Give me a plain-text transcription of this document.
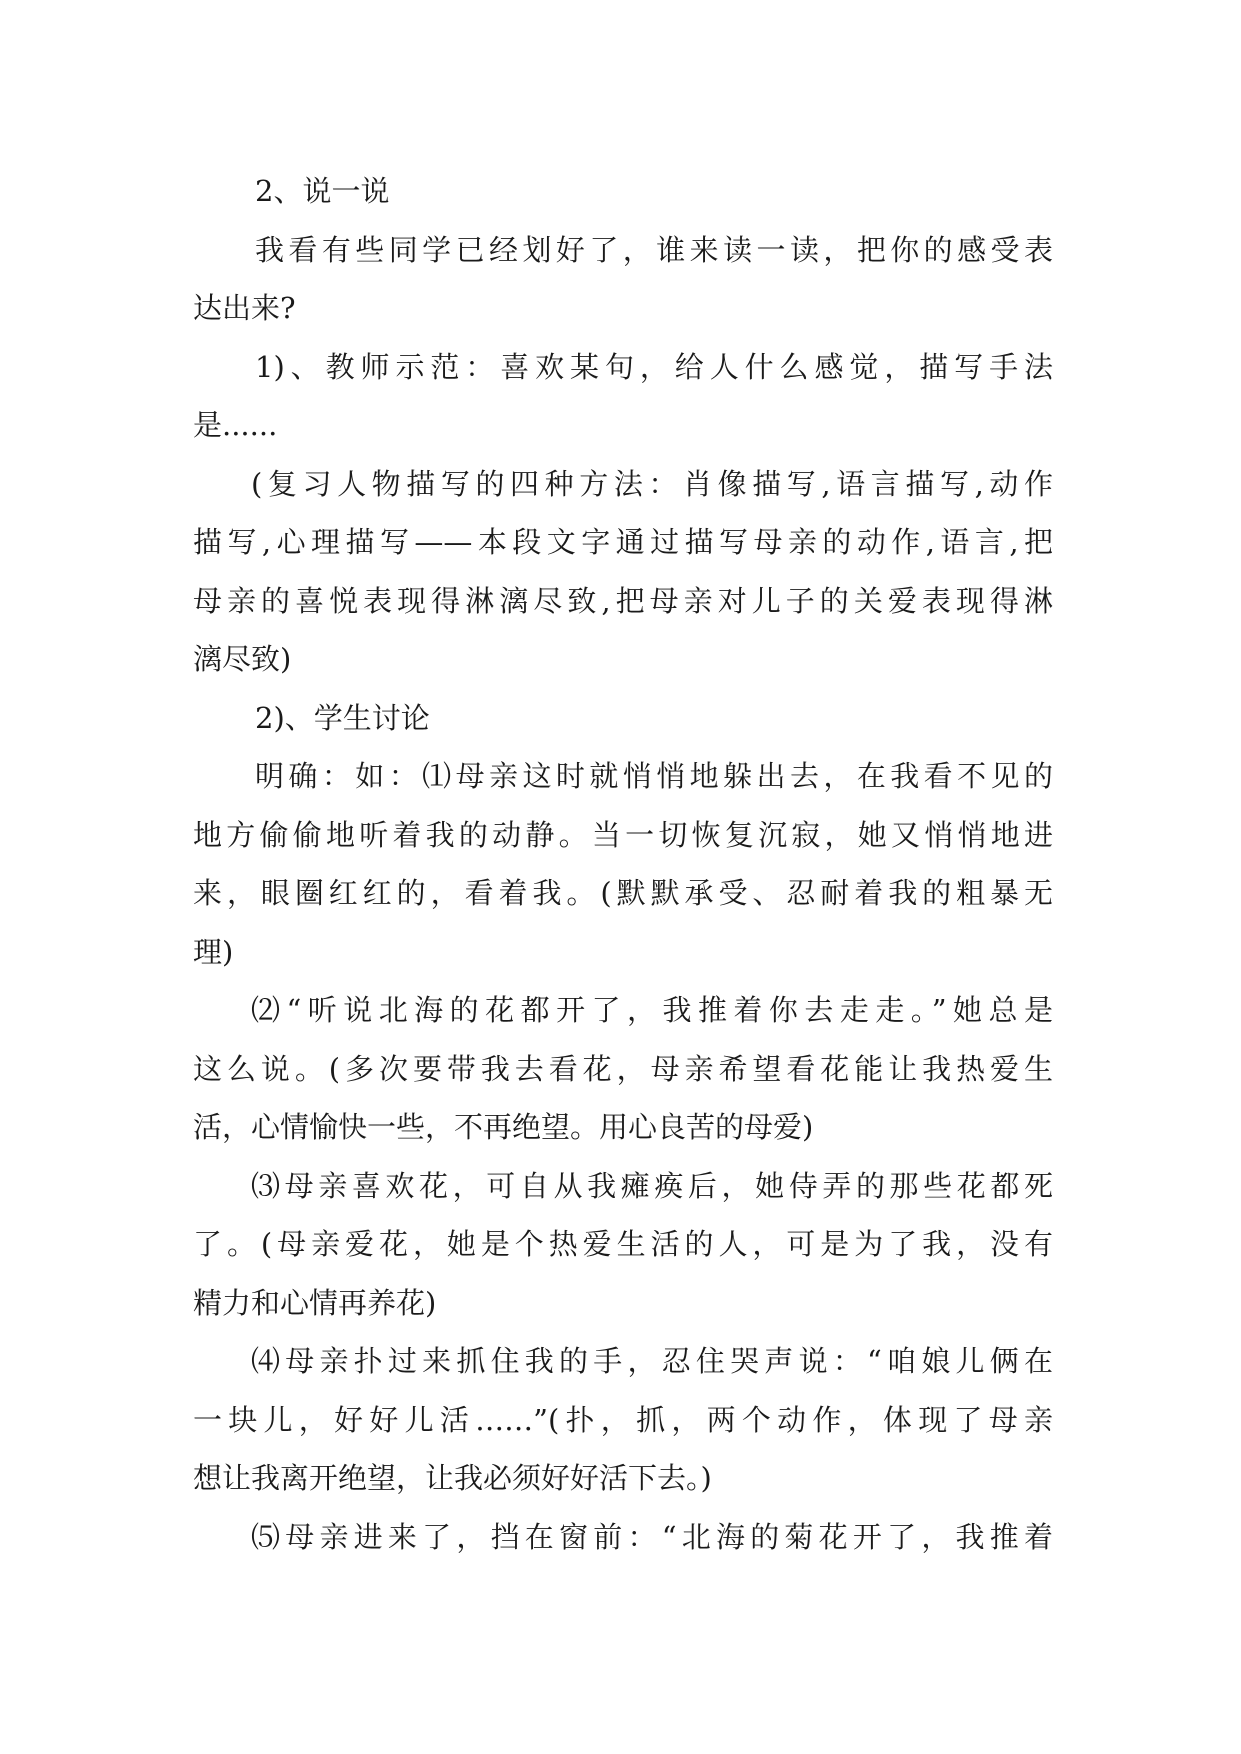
2、说一说
我看有些同学已经划好了，谁来读一读，把你的感受表
达出来?
1)、教师示范：喜欢某句，给人什么感觉，描写手法
是......
(复习人物描写的四种方法：肖像描写,语言描写,动作
描写,心理描写——本段文字通过描写母亲的动作,语言,把
母亲的喜悦表现得淋漓尽致,把母亲对儿子的关爱表现得淋
漓尽致)
2)、学生讨论
明确：如：⑴母亲这时就悄悄地躲出去，在我看不见的
地方偷偷地听着我的动静。当一切恢复沉寂，她又悄悄地进
来，眼圈红红的，看着我。(默默承受、忍耐着我的粗暴无
理)
⑵“听说北海的花都开了，我推着你去走走。”她总是
这么说。(多次要带我去看花，母亲希望看花能让我热爱生
活，心情愉快一些，不再绝望。用心良苦的母爱)
⑶母亲喜欢花，可自从我瘫痪后，她侍弄的那些花都死
了。(母亲爱花，她是个热爱生活的人，可是为了我，没有
精力和心情再养花)
⑷母亲扑过来抓住我的手，忍住哭声说：“咱娘儿俩在
一块儿，好好儿活……”(扑，抓，两个动作，体现了母亲
想让我离开绝望，让我必须好好活下去。)
⑸母亲进来了，挡在窗前：“北海的菊花开了，我推着
